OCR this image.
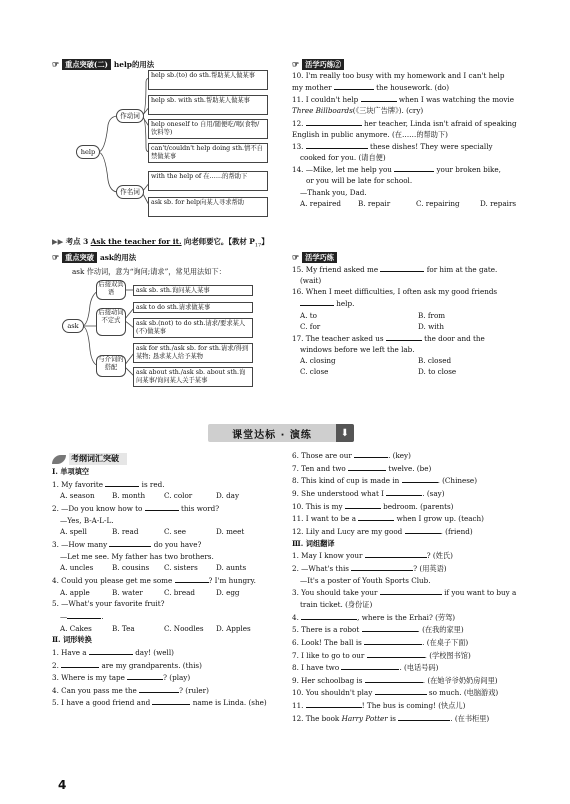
☞ 重点突破(二) help的用法
help
作动词
作名词
help sb.(to) do sth.帮助某人做某事
help sb. with sth.帮助某人做某事
help oneself to 自用/随便吃/喝(食物/饮料等)
can't/couldn't help doing sth.情不自禁做某事
with the help of 在……的帮助下
ask sb. for help向某人寻求帮助
☞ 活学巧练②
10. I'm really too busy with my homework and I can't help
my mother	the housework. (do)
11. I couldn't help	when I was watching the movie
Three Billboards(《三块广告牌》). (cry)
12.	her teacher, Linda isn't afraid of speaking
English in public anymore. (在……的帮助下)
13.	these dishes! They were specially
cooked for you. (请自便)
14. —Mike, let me help you	your broken bike,
or you will be late for school.
—Thank you, Dad.
A. repaired	B. repair	C. repairing	D. repairs
▶▶ 考点 3 Ask the teacher for it. 向老师要它。【教材 $P_{17}$】
☞ 重点突破 ask的用法
ask 作动词，意为“询问;请求”，常见用法如下：
ask
后接双宾语
后接动词不定式
与介词的搭配
ask sb. sth.询问某人某事
ask to do sth.请求做某事
ask sb.(not) to do sth.请求/要求某人(不)做某事
ask for sth./ask sb. for sth.请求/得到某物; 恳求某人给予某物
ask about sth./ask sb. about sth.询问某事/询问某人关于某事
☞ 活学巧练
15. My friend asked me	for him at the gate.
(wait)
16. When I meet difficulties, I often ask my good friends
help.
A. to	B. from
C. for	D. with
17. The teacher asked us	the door and the
windows before we left the lab.
A. closing	B. closed
C. close	D. to close
课堂达标 · 演练	⬇
考纲词汇突破
Ⅰ. 单项填空
1. My favorite	is red.
A. season	B. month	C. color	D. day
2. —Do you know how to	this word?
—Yes, B-A-L-L.
A. spell	B. read	C. see	D. meet
3. —How many	do you have?
—Let me see. My father has two brothers.
A. uncles	B. cousins	C. sisters	D. aunts
4. Could you please get me some	? I'm hungry.
A. apple	B. water	C. bread	D. egg
5. —What's your favorite fruit?
—	.
A. Cakes	B. Tea	C. Noodles	D. Apples
Ⅱ. 词形转换
1. Have a	day! (well)
2.	are my grandparents. (this)
3. Where is my tape	? (play)
4. Can you pass me the	? (ruler)
5. I have a good friend and	name is Linda. (she)
6. Those are our	. (key)
7. Ten and two	twelve. (be)
8. This kind of cup is made in	. (Chinese)
9. She understood what I	. (say)
10. This is my	bedroom. (parents)
11. I want to be a	when I grow up. (teach)
12. Lily and Lucy are my good	. (friend)
Ⅲ. 词组翻译
1. May I know your	? (姓氏)
2. —What's this	? (用英语)
—It's a poster of Youth Sports Club.
3. You should take your	if you want to buy a
train ticket. (身份证)
4.	, where is the Erhai? (劳驾)
5. There is a robot	. (在我的家里)
6. Look! The ball is	. (在桌子下面)
7. I like to go to our	. (学校图书馆)
8. I have two	. (电话号码)
9. Her schoolbag is	. (在她爷爷奶奶房间里)
10. You shouldn't play	so much. (电脑游戏)
11.	! The bus is coming! (快点儿)
12. The book Harry Potter is	. (在书柜里)
4
